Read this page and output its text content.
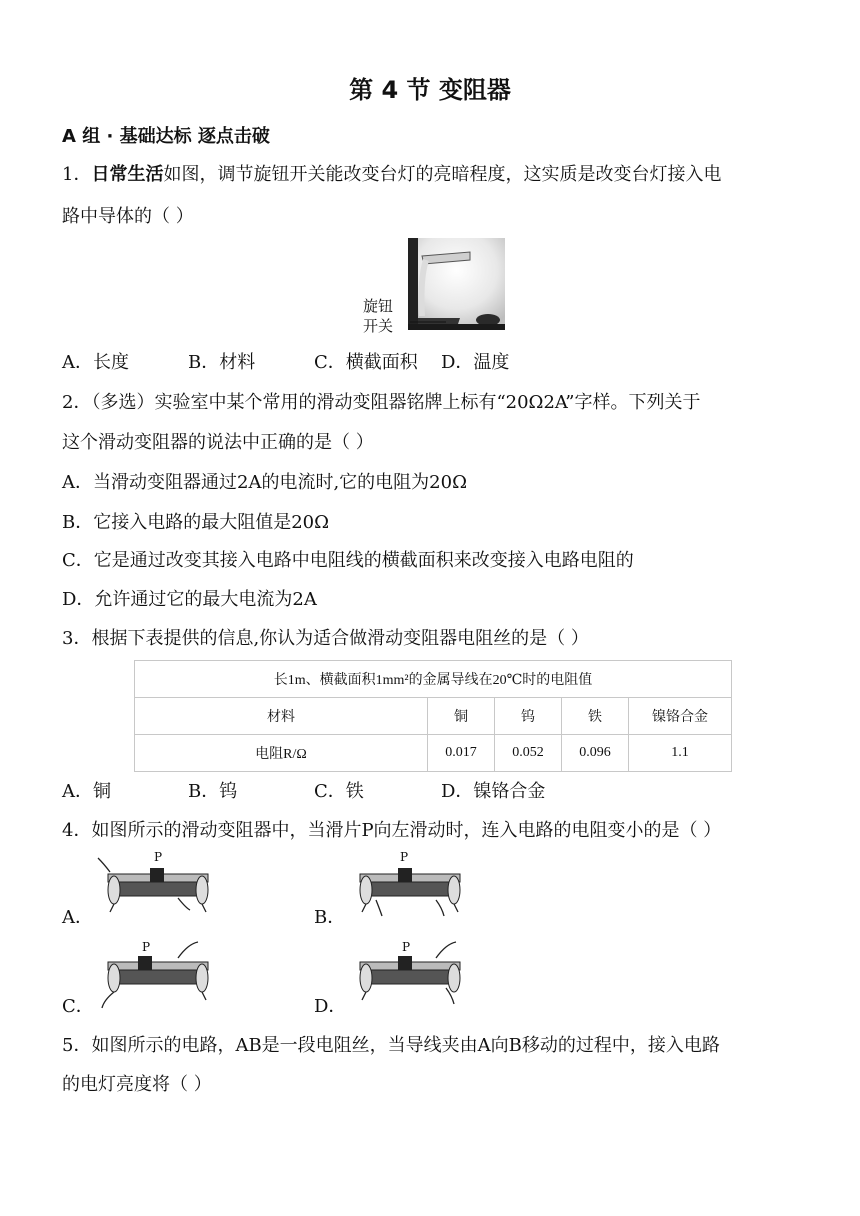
第 4 节 变阻器
A 组 · 基础达标 逐点击破
1．日常生活如图，调节旋钮开关能改变台灯的亮暗程度，这实质是改变台灯接入电
路中导体的（ ）
旋钮
开关
A．长度	B．材料	C．横截面积 D．温度
2．（多选）实验室中某个常用的滑动变阻器铭牌上标有“20Ω2A”字样。下列关于
这个滑动变阻器的说法中正确的是（ ）
A．当滑动变阻器通过2A的电流时,它的电阻为20Ω
B．它接入电路的最大阻值是20Ω
C．它是通过改变其接入电路中电阻线的横截面积来改变接入电路电阻的
D．允许通过它的最大电流为2A
3．根据下表提供的信息,你认为适合做滑动变阻器电阻丝的是（ ）
长1m、横截面积1mm²的金属导线在20℃时的电阻值				
材料	铜	钨	铁	镍铬合金
电阻R/Ω	0.017	0.052	0.096	1.1
A．铜	B．钨	C．铁	D．镍铬合金
4．如图所示的滑动变阻器中，当滑片P向左滑动时，连入电路的电阻变小的是（ ）
A．	B．
C．	D．
P	P
P	P
5．如图所示的电路，AB是一段电阻丝，当导线夹由A向B移动的过程中，接入电路
的电灯亮度将（ ）
